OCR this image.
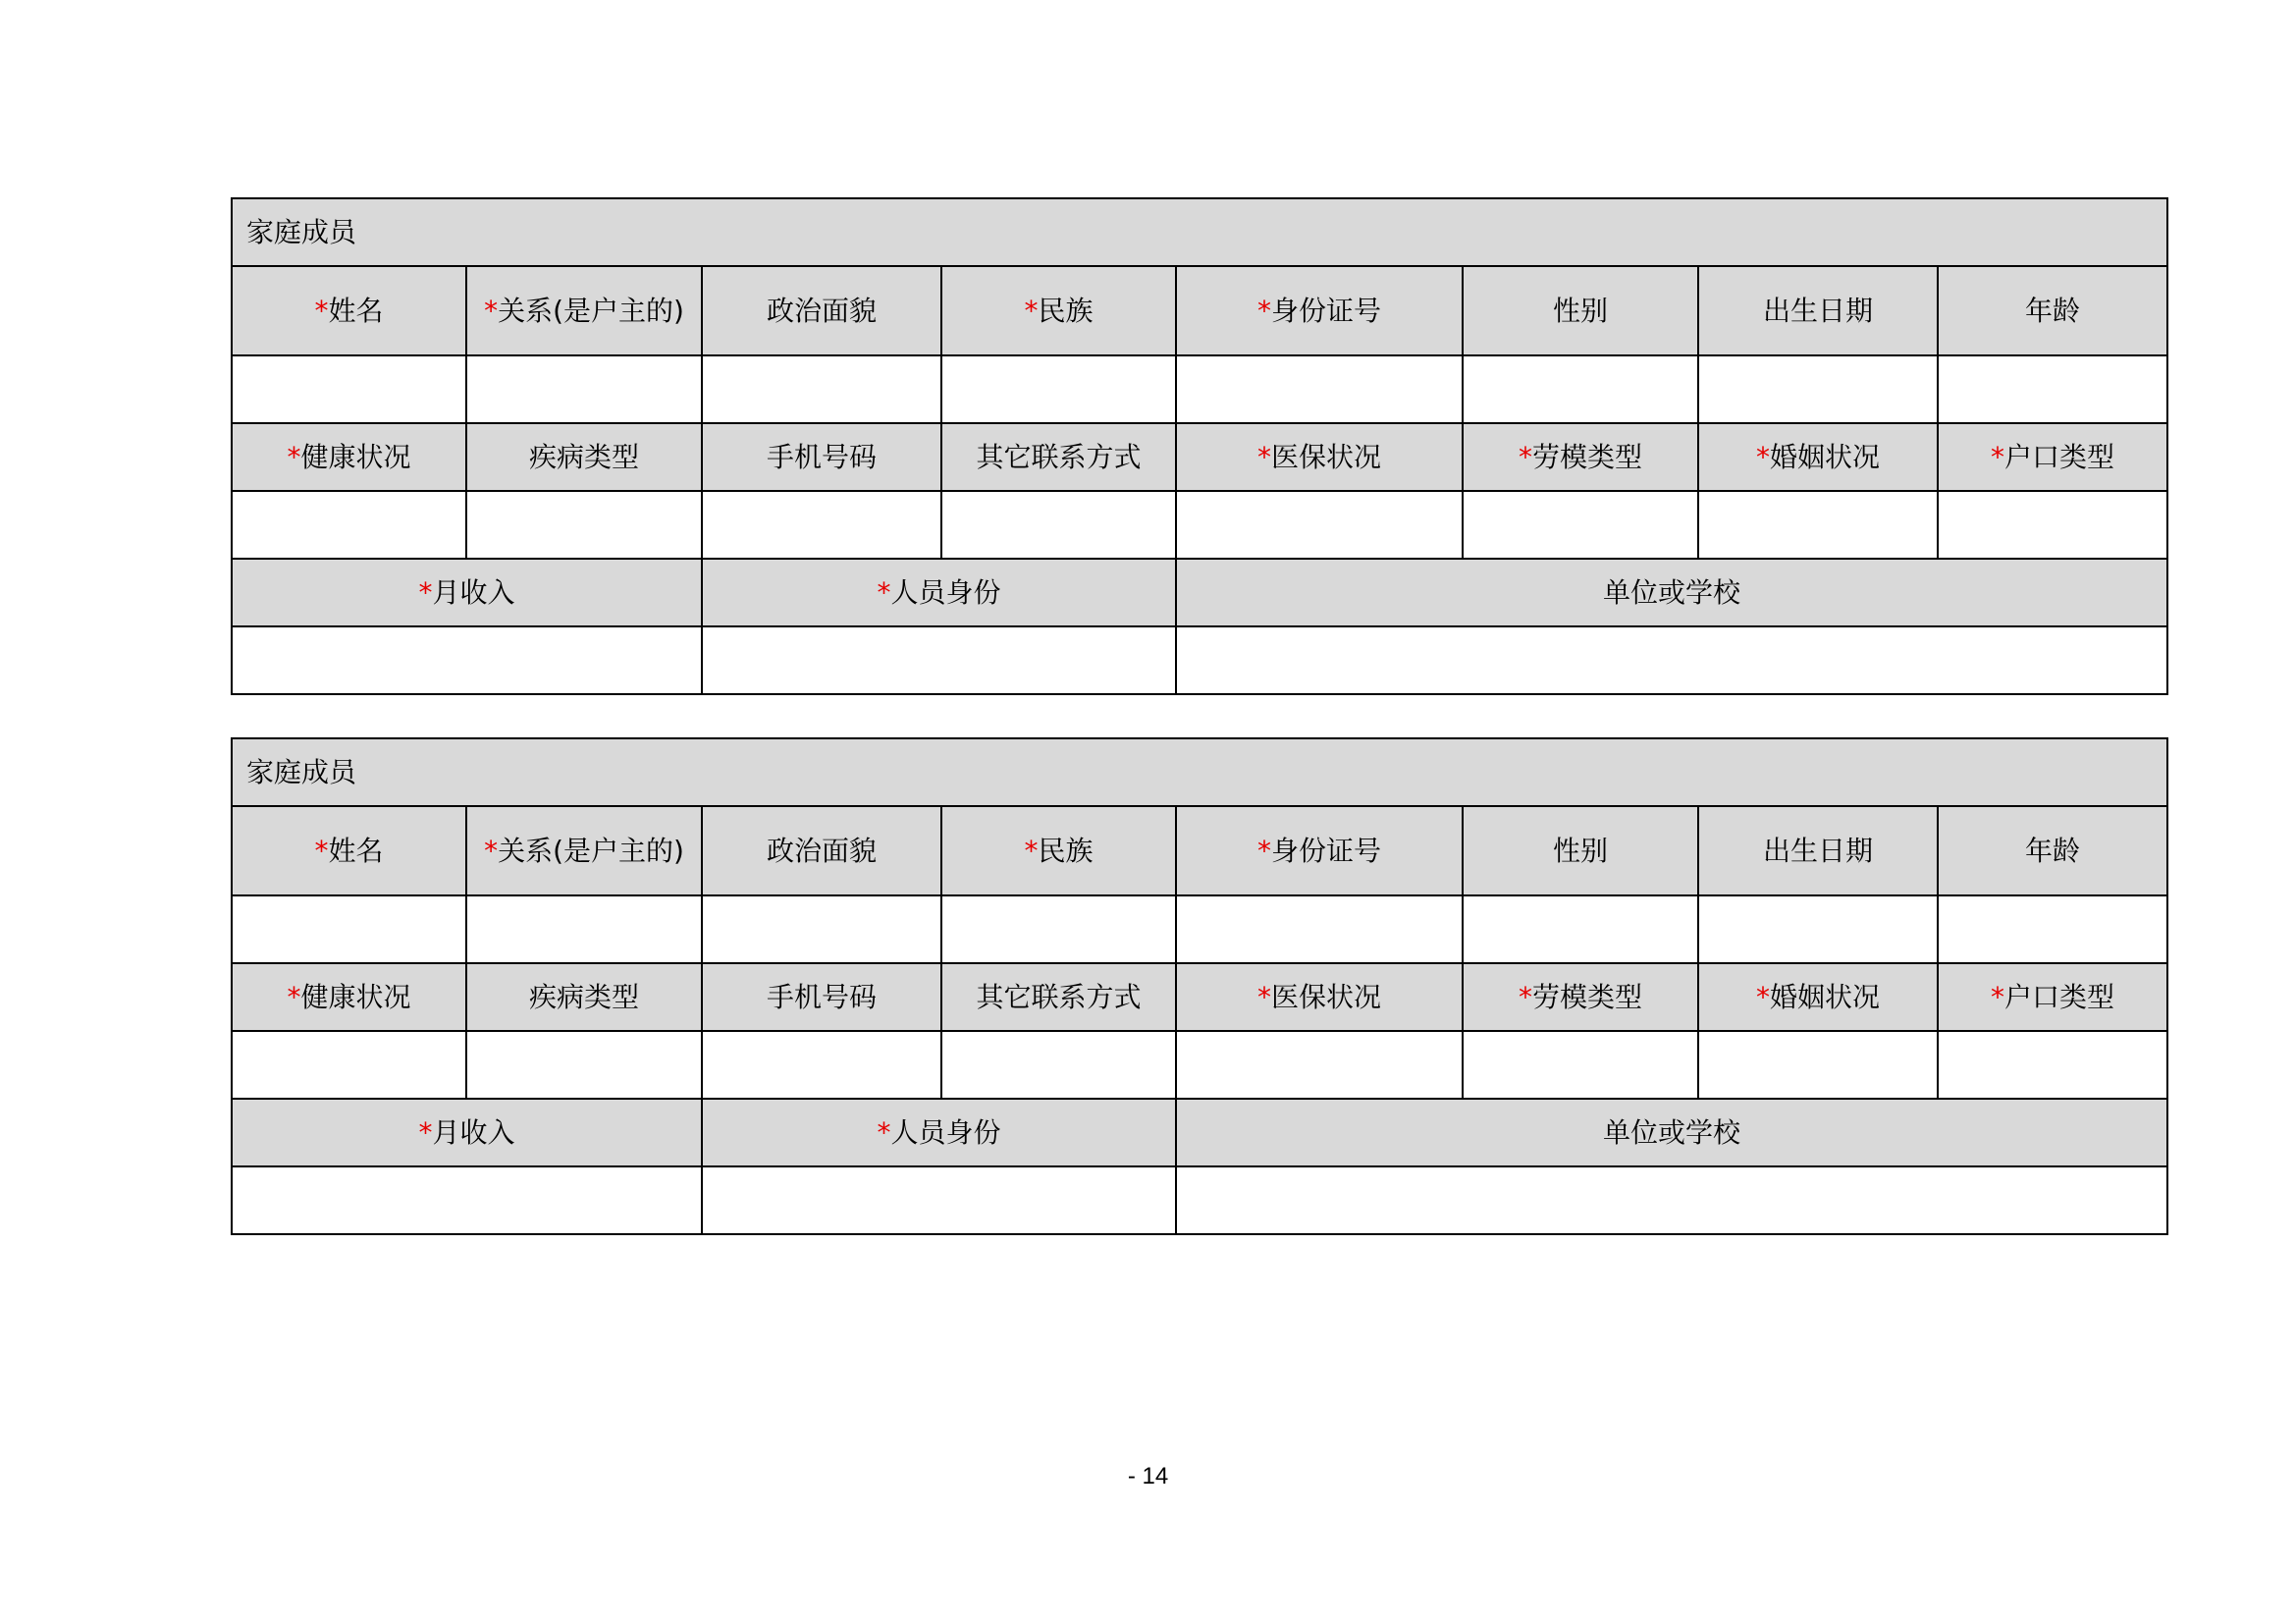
家庭成员							
*姓名	*关系(是户主的)	政治面貌	*民族	*身份证号	性别	出生日期	年龄

*健康状况	疾病类型	手机号码	其它联系方式	*医保状况	*劳模类型	*婚姻状况	*户口类型

*月收入		*人员身份		单位或学校			

家庭成员							
*姓名	*关系(是户主的)	政治面貌	*民族	*身份证号	性别	出生日期	年龄

*健康状况	疾病类型	手机号码	其它联系方式	*医保状况	*劳模类型	*婚姻状况	*户口类型

*月收入		*人员身份		单位或学校			

- 14
